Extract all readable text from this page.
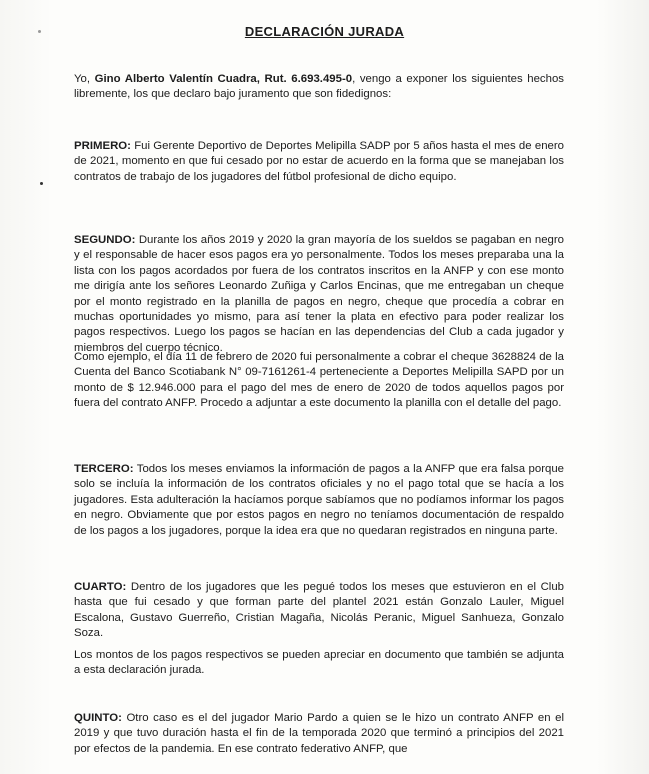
DECLARACIÓN JURADA
Yo, Gino Alberto Valentín Cuadra, Rut. 6.693.495-0, vengo a exponer los siguientes hechos libremente, los que declaro bajo juramento que son fidedignos:
PRIMERO: Fui Gerente Deportivo de Deportes Melipilla SADP por 5 años hasta el mes de enero de 2021, momento en que fui cesado por no estar de acuerdo en la forma que se manejaban los contratos de trabajo de los jugadores del fútbol profesional de dicho equipo.
SEGUNDO: Durante los años 2019 y 2020 la gran mayoría de los sueldos se pagaban en negro y el responsable de hacer esos pagos era yo personalmente. Todos los meses preparaba una la lista con los pagos acordados por fuera de los contratos inscritos en la ANFP y con ese monto me dirigía ante los señores Leonardo Zuñiga y Carlos Encinas, que me entregaban un cheque por el monto registrado en la planilla de pagos en negro, cheque que procedía a cobrar en muchas oportunidades yo mismo, para así tener la plata en efectivo para poder realizar los pagos respectivos. Luego los pagos se hacían en las dependencias del Club a cada jugador y miembros del cuerpo técnico.
Como ejemplo, el día 11 de febrero de 2020 fui personalmente a cobrar el cheque 3628824 de la Cuenta del Banco Scotiabank N° 09-7161261-4 perteneciente a Deportes Melipilla SAPD por un monto de $ 12.946.000 para el pago del mes de enero de 2020 de todos aquellos pagos por fuera del contrato ANFP. Procedo a adjuntar a este documento la planilla con el detalle del pago.
TERCERO: Todos los meses enviamos la información de pagos a la ANFP que era falsa porque solo se incluía la información de los contratos oficiales y no el pago total que se hacía a los jugadores. Esta adulteración la hacíamos porque sabíamos que no podíamos informar los pagos en negro. Obviamente que por estos pagos en negro no teníamos documentación de respaldo de los pagos a los jugadores, porque la idea era que no quedaran registrados en ninguna parte.
CUARTO: Dentro de los jugadores que les pegué todos los meses que estuvieron en el Club hasta que fui cesado y que forman parte del plantel 2021 están Gonzalo Lauler, Miguel Escalona, Gustavo Guerreño, Cristian Magaña, Nicolás Peranic, Miguel Sanhueza, Gonzalo Soza.
Los montos de los pagos respectivos se pueden apreciar en documento que también se adjunta a esta declaración jurada.
QUINTO: Otro caso es el del jugador Mario Pardo a quien se le hizo un contrato ANFP en el 2019 y que tuvo duración hasta el fin de la temporada 2020 que terminó a principios del 2021 por efectos de la pandemia. En ese contrato federativo ANFP, que
